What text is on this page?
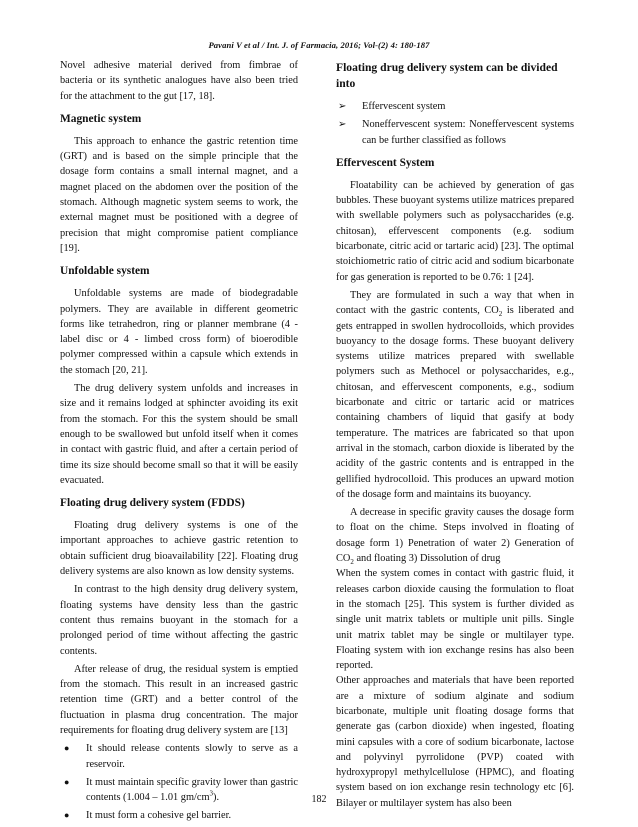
Pavani V et al / Int. J. of Farmacia, 2016; Vol-(2) 4: 180-187

Novel adhesive material derived from fimbrae of bacteria or its synthetic analogues have also been tried for the attachment to the gut [17, 18].

Magnetic system

This approach to enhance the gastric retention time (GRT) and is based on the simple principle that the dosage form contains a small internal magnet, and a magnet placed on the abdomen over the position of the stomach. Although magnetic system seems to work, the external magnet must be positioned with a degree of precision that might compromise patient compliance [19].

Unfoldable system

Unfoldable systems are made of biodegradable polymers. They are available in different geometric forms like tetrahedron, ring or planner membrane (4 - label disc or 4 - limbed cross form) of bioerodible polymer compressed within a capsule which extends in the stomach [20, 21].

The drug delivery system unfolds and increases in size and it remains lodged at sphincter avoiding its exit from the stomach. For this the system should be small enough to be swallowed but unfold itself when it comes in contact with gastric fluid, and after a certain period of time its size should become small so that it will be easily evacuated.

Floating drug delivery system (FDDS)

Floating drug delivery systems is one of the important approaches to achieve gastric retention to obtain sufficient drug bioavailability [22]. Floating drug delivery systems are also known as low density systems.

In contrast to the high density drug delivery system, floating systems have density less than the gastric content thus remains buoyant in the stomach for a prolonged period of time without affecting the gastric contents.

After release of drug, the residual system is emptied from the stomach. This result in an increased gastric retention time (GRT) and a better control of the fluctuation in plasma drug concentration. The major requirements for floating drug delivery system are [13]

● It should release contents slowly to serve as a reservoir.
● It must maintain specific gravity lower than gastric contents (1.004 – 1.01 $gm/cm^3$).
● It must form a cohesive gel barrier.
Floating drug delivery system can be divided into
➢ Effervescent system
➢ Noneffervescent system: Noneffervescent systems can be further classified as follows
Effervescent System

Floatability can be achieved by generation of gas bubbles. These buoyant systems utilize matrices prepared with swellable polymers such as polysaccharides (e.g. chitosan), effervescent components (e.g. sodium bicarbonate, citric acid or tartaric acid) [23]. The optimal stoichiometric ratio of citric acid and sodium bicarbonate for gas generation is reported to be 0.76: 1 [24].

They are formulated in such a way that when in contact with the gastric contents, $CO_2$ is liberated and gets entrapped in swollen hydrocolloids, which provides buoyancy to the dosage forms. These buoyant delivery systems utilize matrices prepared with swellable polymers such as Methocel or polysaccharides, e.g., chitosan, and effervescent components, e.g., sodium bicarbonate and citric or tartaric acid or matrices containing chambers of liquid that gasify at body temperature. The matrices are fabricated so that upon arrival in the stomach, carbon dioxide is liberated by the acidity of the gastric contents and is entrapped in the gellified hydrocolloid. This produces an upward motion of the dosage form and maintains its buoyancy.

A decrease in specific gravity causes the dosage form to float on the chime. Steps involved in floating of dosage form 1) Penetration of water 2) Generation of $CO_2$ and floating 3) Dissolution of drug

When the system comes in contact with gastric fluid, it releases carbon dioxide causing the formulation to float in the stomach [25]. This system is further divided as single unit matrix tablets or multiple unit pills. Single unit matrix tablet may be single or multilayer type. Floating system with ion exchange resins has also been reported.

Other approaches and materials that have been reported are a mixture of sodium alginate and sodium bicarbonate, multiple unit floating dosage forms that generate gas (carbon dioxide) when ingested, floating mini capsules with a core of sodium bicarbonate, lactose and polyvinyl pyrrolidone (PVP) coated with hydroxypropyl methylcellulose (HPMC), and floating system based on ion exchange resin technology etc [6]. Bilayer or multilayer system has also been

182
